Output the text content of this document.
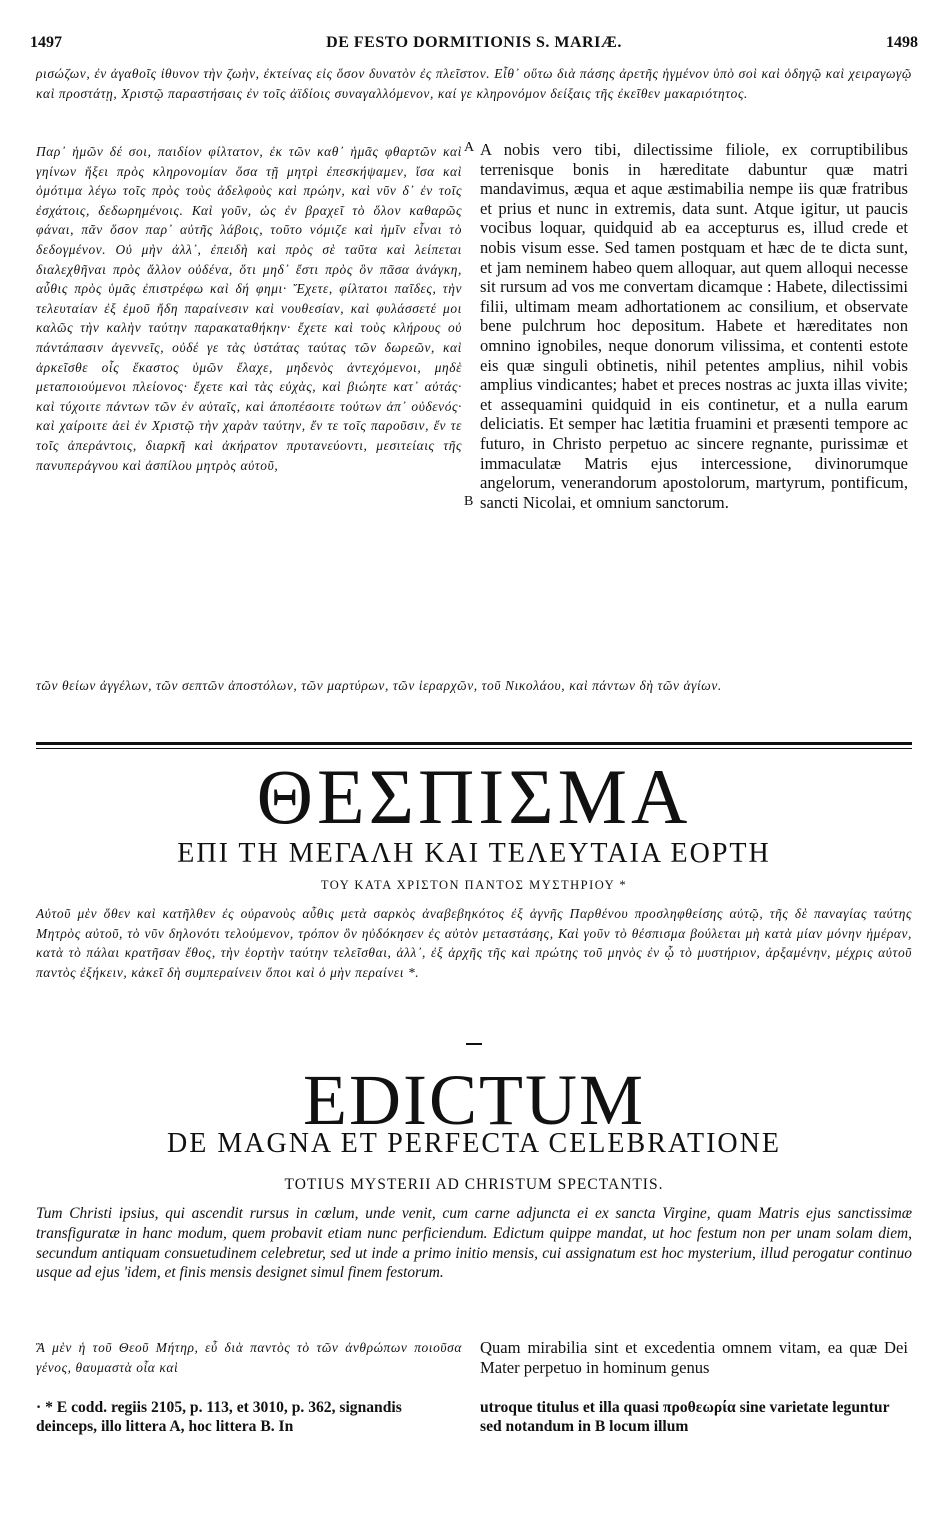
1497	DE FESTO DORMITIONIS S. MARIÆ.	1498
ρισώζων, ἐν ἀγαθοῖς ἰθυνον τὴν ζωὴν, ἐκτείνας εἰς ὅσον δυνατὸν ἐς πλεῖστον. Εἶθ᾽ οὕτω διὰ πάσης ἀρετῆς ἡγμένον ὑπὸ σοὶ καὶ ὁδηγῷ καὶ χειραγωγῷ καὶ προστάτῃ, Χριστῷ παραστήσαις ἐν τοῖς ἀϊδίοις συναγαλλόμενον, καί γε κληρονόμον δείξαις τῆς ἐκεῖθεν μακαριότητος.
Παρ᾽ ἡμῶν δέ σοι, παιδίον φίλτατον, ἐκ τῶν καθ᾽ ἡμᾶς φθαρτῶν καὶ γηίνων ἥξει πρὸς κληρονομίαν ὅσα τῇ μητρὶ ἐπεσκήψαμεν, ἴσα καὶ ὁμότιμα λέγω τοῖς πρὸς τοὺς ἀδελφοὺς καὶ πρώην, καὶ νῦν δ᾽ ἐν τοῖς ἐσχάτοις, δεδωρημένοις. Καὶ γοῦν, ὡς ἐν βραχεῖ τὸ ὅλον καθαρῶς φάναι, πᾶν ὅσον παρ᾽ αὐτῆς λάβοις, τοῦτο νόμιζε καὶ ἡμῖν εἶναι τὸ δεδογμένον. Οὐ μὴν ἀλλ᾽, ἐπειδὴ καὶ πρὸς σὲ ταῦτα καὶ λείπεται διαλεχθῆναι πρὸς ἄλλον οὐδένα, ὅτι μηδ᾽ ἔστι πρὸς ὃν πᾶσα ἀνάγκη, αὖθις πρὸς ὑμᾶς ἐπιστρέφω καὶ δή φημι· Ἔχετε, φίλτατοι παῖδες, τὴν τελευταίαν ἐξ ἐμοῦ ἤδη παραίνεσιν καὶ νουθεσίαν, καὶ φυλάσσετέ μοι καλῶς τὴν καλὴν ταύτην παρακαταθήκην· ἔχετε καὶ τοὺς κλήρους οὐ πάντάπασιν ἀγεννεῖς, οὐδέ γε τὰς ὑστάτας ταύτας τῶν δωρεῶν, καὶ ἀρκεῖσθε οἷς ἕκαστος ὑμῶν ἔλαχε, μηδενὸς ἀντεχόμενοι, μηδὲ μεταποιούμενοι πλείονος· ἔχετε καὶ τὰς εὐχὰς, καὶ βιώητε κατ᾽ αὐτάς· καὶ τύχοιτε πάντων τῶν ἐν αὐταῖς, καὶ ἀποπέσοιτε τούτων ἀπ᾽ οὐδενός· καὶ χαίροιτε ἀεὶ ἐν Χριστῷ τὴν χαρὰν ταύτην, ἔν τε τοῖς παροῦσιν, ἔν τε τοῖς ἀπεράντοις, διαρκῆ καὶ ἀκήρατον πρυτανεύοντι, μεσιτείαις τῆς πανυπεράγνου καὶ ἀσπίλου μητρὸς αὐτοῦ,
A
B
A nobis vero tibi, dilectissime filiole, ex corruptibilibus terrenisque bonis in hæreditate dabuntur quæ matri mandavimus, æqua et aque æstimabilia nempe iis quæ fratribus et prius et nunc in extremis, data sunt. Atque igitur, ut paucis vocibus loquar, quidquid ab ea accepturus es, illud crede et nobis visum esse. Sed tamen postquam et hæc de te dicta sunt, et jam neminem habeo quem alloquar, aut quem alloqui necesse sit rursum ad vos me convertam dicamque : Habete, dilectissimi filii, ultimam meam adhortationem ac consilium, et observate bene pulchrum hoc depositum. Habete et hæreditates non omnino ignobiles, neque donorum vilissima, et contenti estote eis quæ singuli obtinetis, nihil petentes amplius, nihil vobis amplius vindicantes; habet et preces nostras ac juxta illas vivite; et assequamini quidquid in eis continetur, et a nulla earum deliciatis. Et semper hac lætitia fruamini et præsenti tempore ac futuro, in Christo perpetuo ac sincere regnante, purissimæ et immaculatæ Matris ejus intercessione, divinorumque angelorum, venerandorum apostolorum, martyrum, pontificum, sancti Nicolai, et omnium sanctorum.
τῶν θείων ἀγγέλων, τῶν σεπτῶν ἀποστόλων, τῶν μαρτύρων, τῶν ἱεραρχῶν, τοῦ Νικολάου, καὶ πάντων δὴ τῶν ἁγίων.
ΘΕΣΠΙΣΜΑ
ΕΠΙ ΤΗ ΜΕΓΑΛΗ ΚΑΙ ΤΕΛΕΥΤΑΙΑ ΕΟΡΤΗ
ΤΟΥ ΚΑΤΑ ΧΡΙΣΤΟΝ ΠΑΝΤΟΣ ΜΥΣΤΗΡΙΟΥ *
Αὐτοῦ μὲν ὅθεν καὶ κατῆλθεν ἐς οὐρανοὺς αὖθις μετὰ σαρκὸς ἀναβεβηκότος ἐξ ἁγνῆς Παρθένου προσληφθείσης αὐτῷ, τῆς δὲ παναγίας ταύτης Μητρὸς αὐτοῦ, τὸ νῦν δηλονότι τελούμενον, τρόπον ὃν ηὐδόκησεν ἐς αὐτὸν μεταστάσης, Καὶ γοῦν τὸ θέσπισμα βούλεται μὴ κατὰ μίαν μόνην ἡμέραν, κατὰ τὸ πάλαι κρατῆσαν ἔθος, τὴν ἑορτὴν ταύτην τελεῖσθαι, ἀλλ᾽, ἐξ ἀρχῆς τῆς καὶ πρώτης τοῦ μηνὸς ἐν ᾧ τὸ μυστήριον, ἀρξαμένην, μέχρις αὐτοῦ παντὸς ἐξήκειν, κἀκεῖ δὴ συμπεραίνειν ὅποι καὶ ὁ μὴν περαίνει *.
EDICTUM
DE MAGNA ET PERFECTA CELEBRATIONE
TOTIUS MYSTERII AD CHRISTUM SPECTANTIS.
Tum Christi ipsius, qui ascendit rursus in cœlum, unde venit, cum carne adjuncta ei ex sancta Virgine, quam Matris ejus sanctissimæ transfiguratæ in hanc modum, quem probavit etiam nunc perficiendum. Edictum quippe mandat, ut hoc festum non per unam solam diem, secundum antiquam consuetudinem celebretur, sed ut inde a primo initio mensis, cui assignatum est hoc mysterium, illud perogatur continuo usque ad ejus 'idem, et finis mensis designet simul finem festorum.
Ἃ μὲν ἡ τοῦ Θεοῦ Μήτηρ, εὖ διὰ παντὸς τὸ τῶν ἀνθρώπων ποιοῦσα γένος, θαυμαστὰ οἷα καὶ
Quam mirabilia sint et excedentia omnem vitam, ea quæ Dei Mater perpetuo in hominum genus
· * E codd. regiis 2105, p. 113, et 3010, p. 362, signandis deinceps, illo littera A, hoc littera B. In
utroque titulus et illa quasi προθεωρία sine varietate leguntur sed notandum in B locum illum
